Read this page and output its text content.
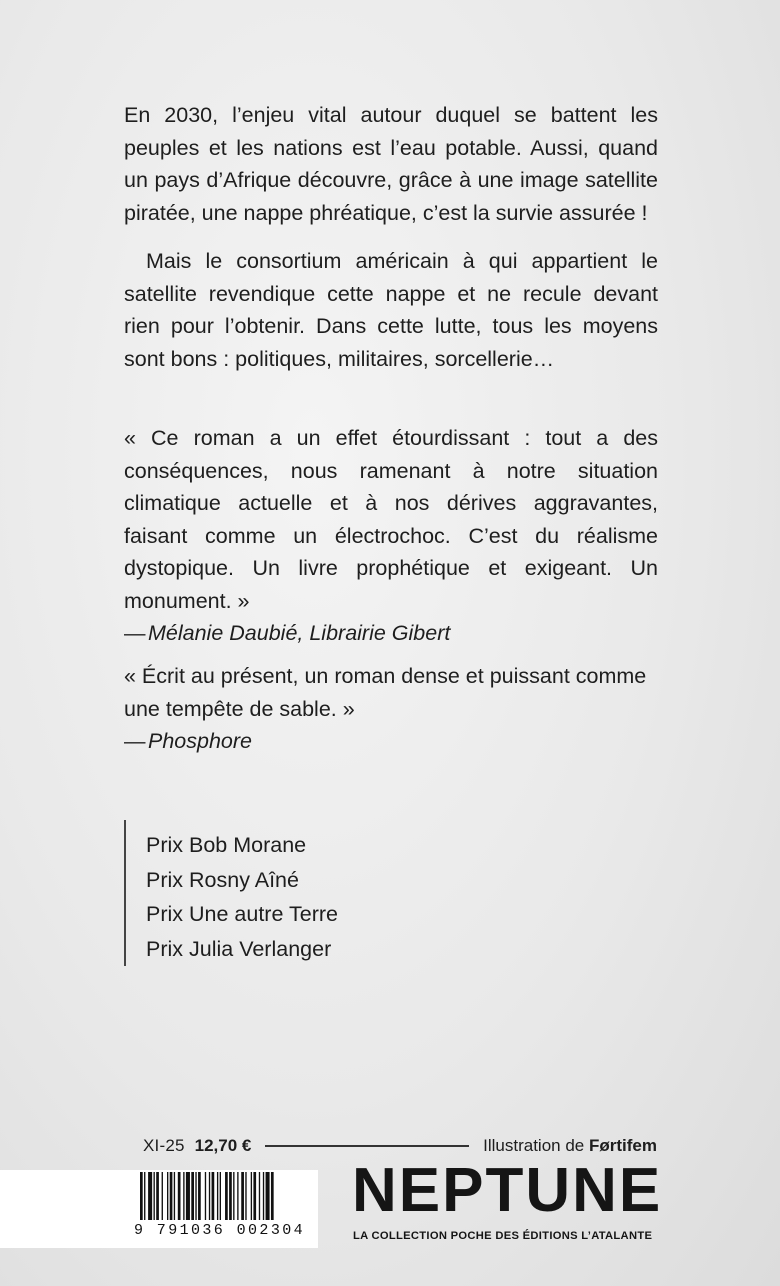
En 2030, l’enjeu vital autour duquel se battent les peuples et les nations est l’eau potable. Aussi, quand un pays d’Afrique découvre, grâce à une image satellite piratée, une nappe phréatique, c’est la survie assurée !

Mais le consortium américain à qui appartient le satellite revendique cette nappe et ne recule devant rien pour l’obtenir. Dans cette lutte, tous les moyens sont bons : politiques, militaires, sorcellerie…

« Ce roman a un effet étourdissant : tout a des conséquences, nous ramenant à notre situation climatique actuelle et à nos dérives aggravantes, faisant comme un électrochoc. C’est du réalisme dystopique. Un livre prophétique et exigeant. Un monument. »
— Mélanie Daubié, Librairie Gibert
« Écrit au présent, un roman dense et puissant comme une tempête de sable. »
— Phosphore
Prix Bob Morane
Prix Rosny Aîné
Prix Une autre Terre
Prix Julia Verlanger
XI-25 12,70 €	Illustration de Førtifem
9 791036 002304
NEPTUNE
LA COLLECTION POCHE DES ÉDITIONS L’ATALANTE
